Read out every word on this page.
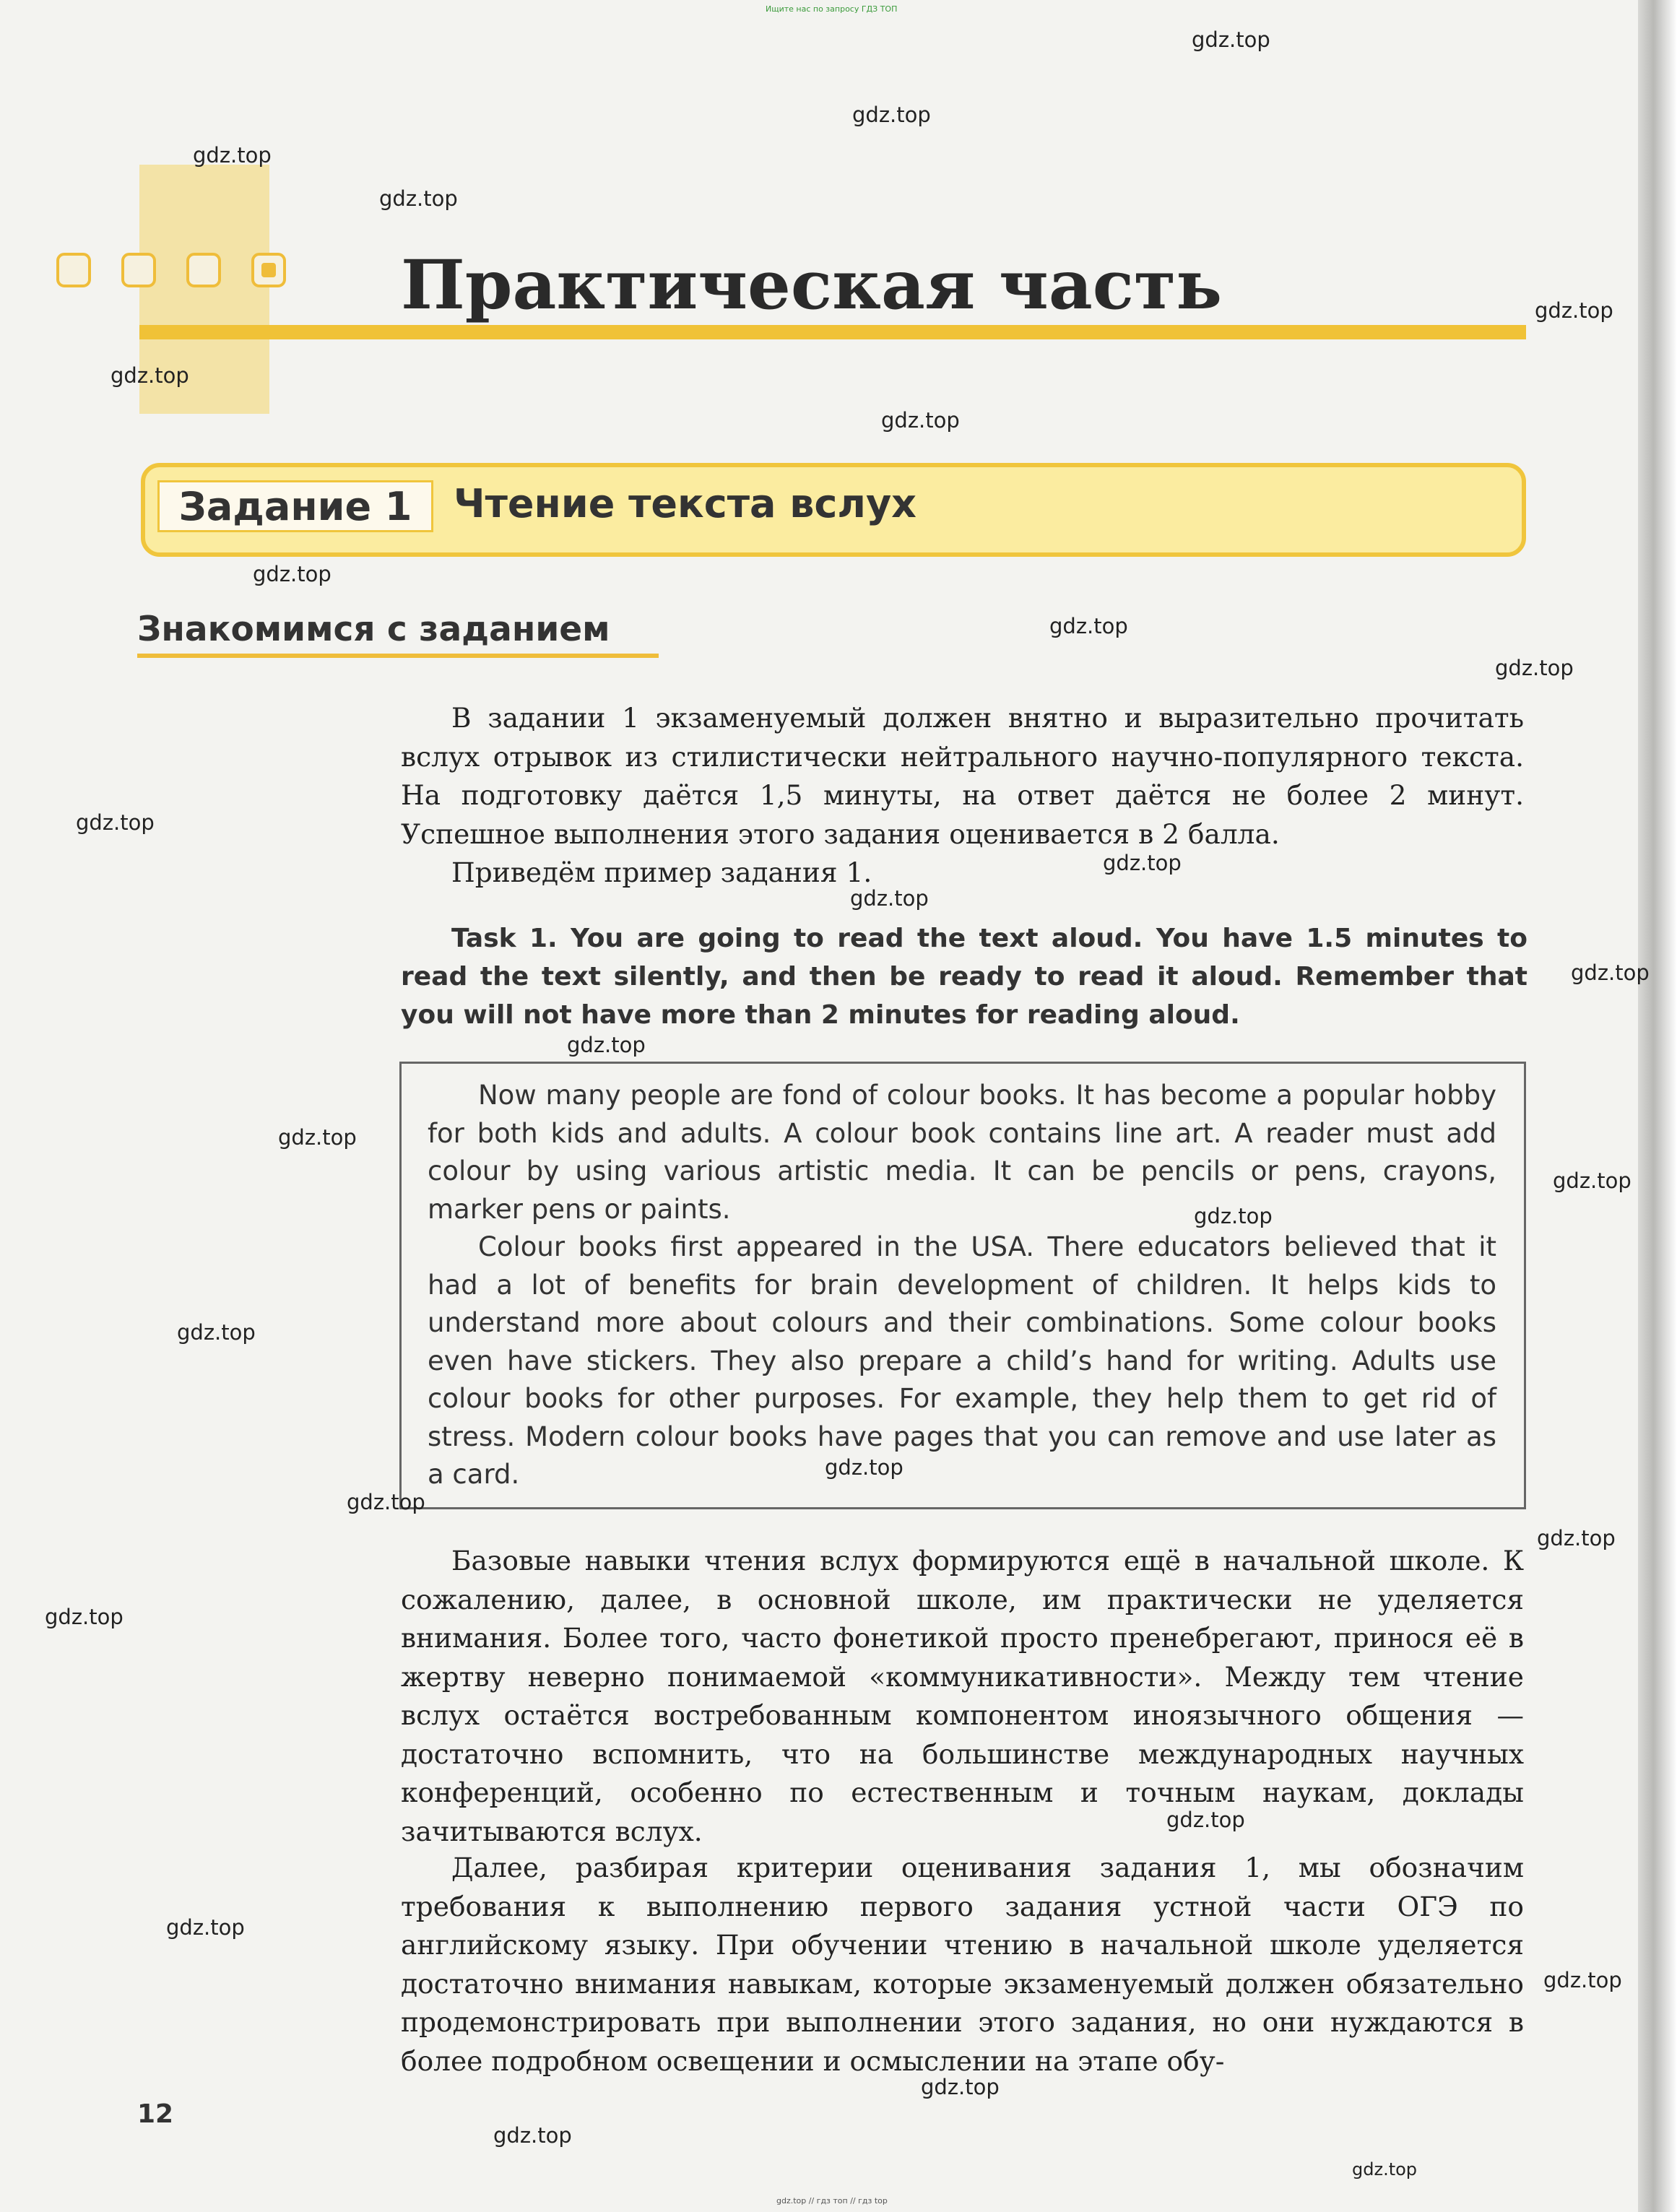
Ищите нас по запросу ГДЗ ТОП
Практическая часть
Задание 1	Чтение текста вслух
Знакомимся с заданием

В задании 1 экзаменуемый должен внятно и выразительно прочитать вслух отрывок из стилистически нейтрального научно-популярного текста. На подготовку даётся 1,5 минуты, на ответ даётся не более 2 минут. Успешное выполнения этого задания оценивается в 2 балла.

Приведём пример задания 1.

Task 1. You are going to read the text aloud. You have 1.5 minutes to read the text silently, and then be ready to read it aloud. Remember that you will not have more than 2 minutes for reading aloud.

Now many people are fond of colour books. It has become a popular hobby for both kids and adults. A colour book contains line art. A reader must add colour by using various artistic media. It can be pencils or pens, crayons, marker pens or paints.

Colour books first appeared in the USA. There educators believed that it had a lot of benefits for brain development of children. It helps kids to understand more about colours and their combinations. Some colour books even have stickers. They also prepare a child’s hand for writing. Adults use colour books for other purposes. For example, they help them to get rid of stress. Modern colour books have pages that you can remove and use later as a card.

Базовые навыки чтения вслух формируются ещё в начальной школе. К сожалению, далее, в основной школе, им практически не уделяется внимания. Более того, часто фонетикой просто пренебрегают, принося её в жертву неверно понимаемой «коммуникативности». Между тем чтение вслух остаётся востребованным компонентом иноязычного общения — достаточно вспомнить, что на большинстве международных научных конференций, особенно по естественным и точным наукам, доклады зачитываются вслух.

Далее, разбирая критерии оценивания задания 1, мы обозначим требования к выполнению первого задания устной части ОГЭ по английскому языку. При обучении чтению в начальной школе уделяется достаточно внимания навыкам, которые экзаменуемый должен обязательно продемонстрировать при выполнении этого задания, но они нуждаются в более подробном освещении и осмыслении на этапе обу-

12
gdz.top // гдз топ // гдз top
gdz.top
gdz.top
gdz.top
gdz.top
gdz.top
gdz.top
gdz.top
gdz.top
gdz.top
gdz.top
gdz.top
gdz.top
gdz.top
gdz.top
gdz.top
gdz.top
gdz.top
gdz.top
gdz.top
gdz.top
gdz.top
gdz.top
gdz.top
gdz.top
gdz.top
gdz.top
gdz.top
gdz.top
gdz.top
